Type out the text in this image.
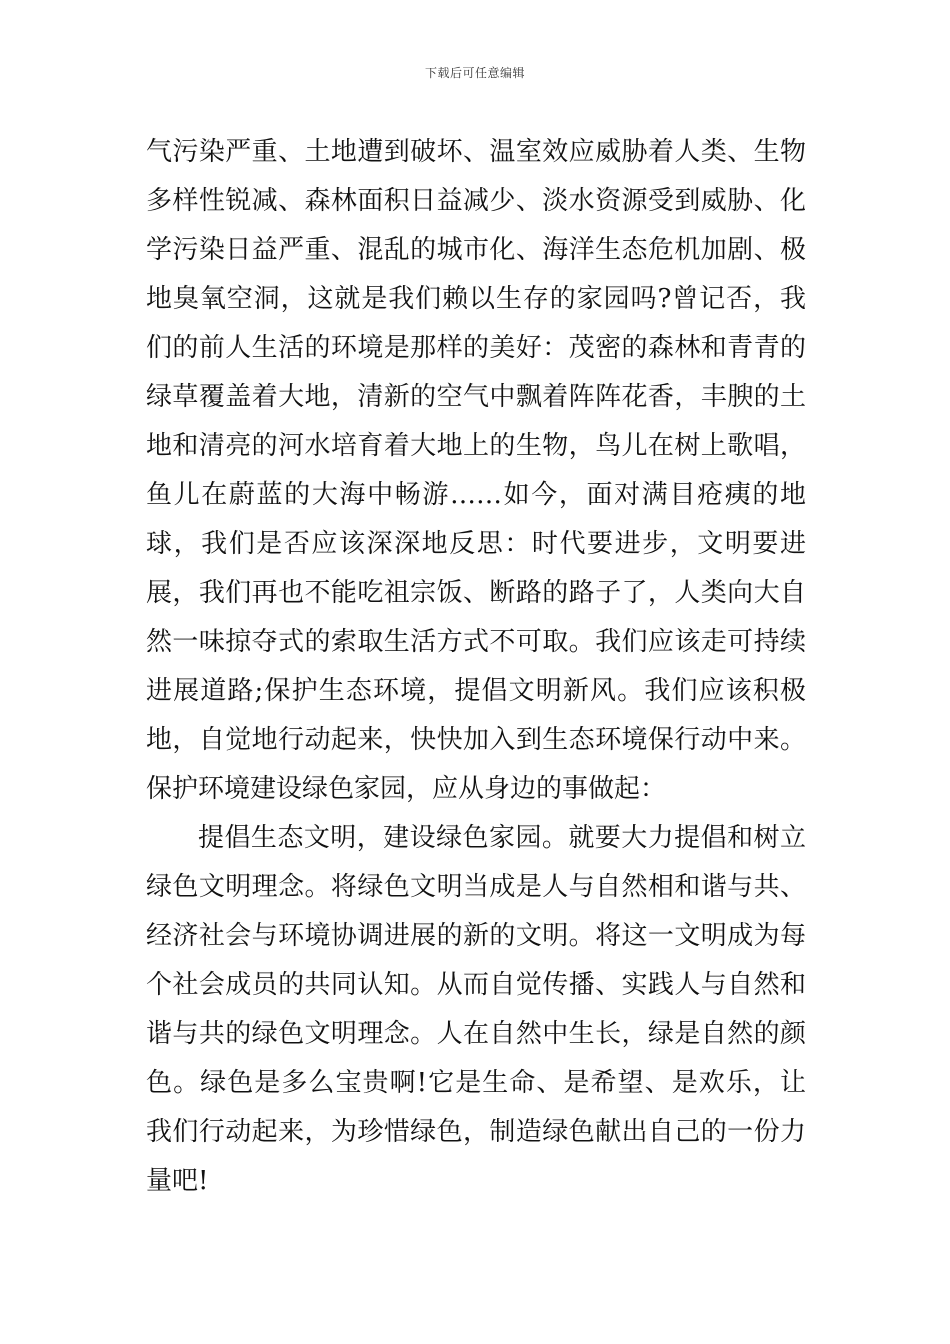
下载后可任意编辑

气污染严重、土地遭到破坏、温室效应威胁着人类、生物多样性锐减、森林面积日益减少、淡水资源受到威胁、化学污染日益严重、混乱的城市化、海洋生态危机加剧、极地臭氧空洞，这就是我们赖以生存的家园吗?曾记否，我们的前人生活的环境是那样的美好：茂密的森林和青青的绿草覆盖着大地，清新的空气中飘着阵阵花香，丰腴的土地和清亮的河水培育着大地上的生物，鸟儿在树上歌唱，鱼儿在蔚蓝的大海中畅游……如今，面对满目疮痍的地球，我们是否应该深深地反思：时代要进步，文明要进展，我们再也不能吃祖宗饭、断路的路子了，人类向大自然一味掠夺式的索取生活方式不可取。我们应该走可持续进展道路;保护生态环境，提倡文明新风。我们应该积极地，自觉地行动起来，快快加入到生态环境保行动中来。保护环境建设绿色家园，应从身边的事做起：

提倡生态文明，建设绿色家园。就要大力提倡和树立绿色文明理念。将绿色文明当成是人与自然相和谐与共、经济社会与环境协调进展的新的文明。将这一文明成为每个社会成员的共同认知。从而自觉传播、实践人与自然和谐与共的绿色文明理念。人在自然中生长，绿是自然的颜色。绿色是多么宝贵啊!它是生命、是希望、是欢乐，让我们行动起来，为珍惜绿色，制造绿色献出自己的一份力量吧!
